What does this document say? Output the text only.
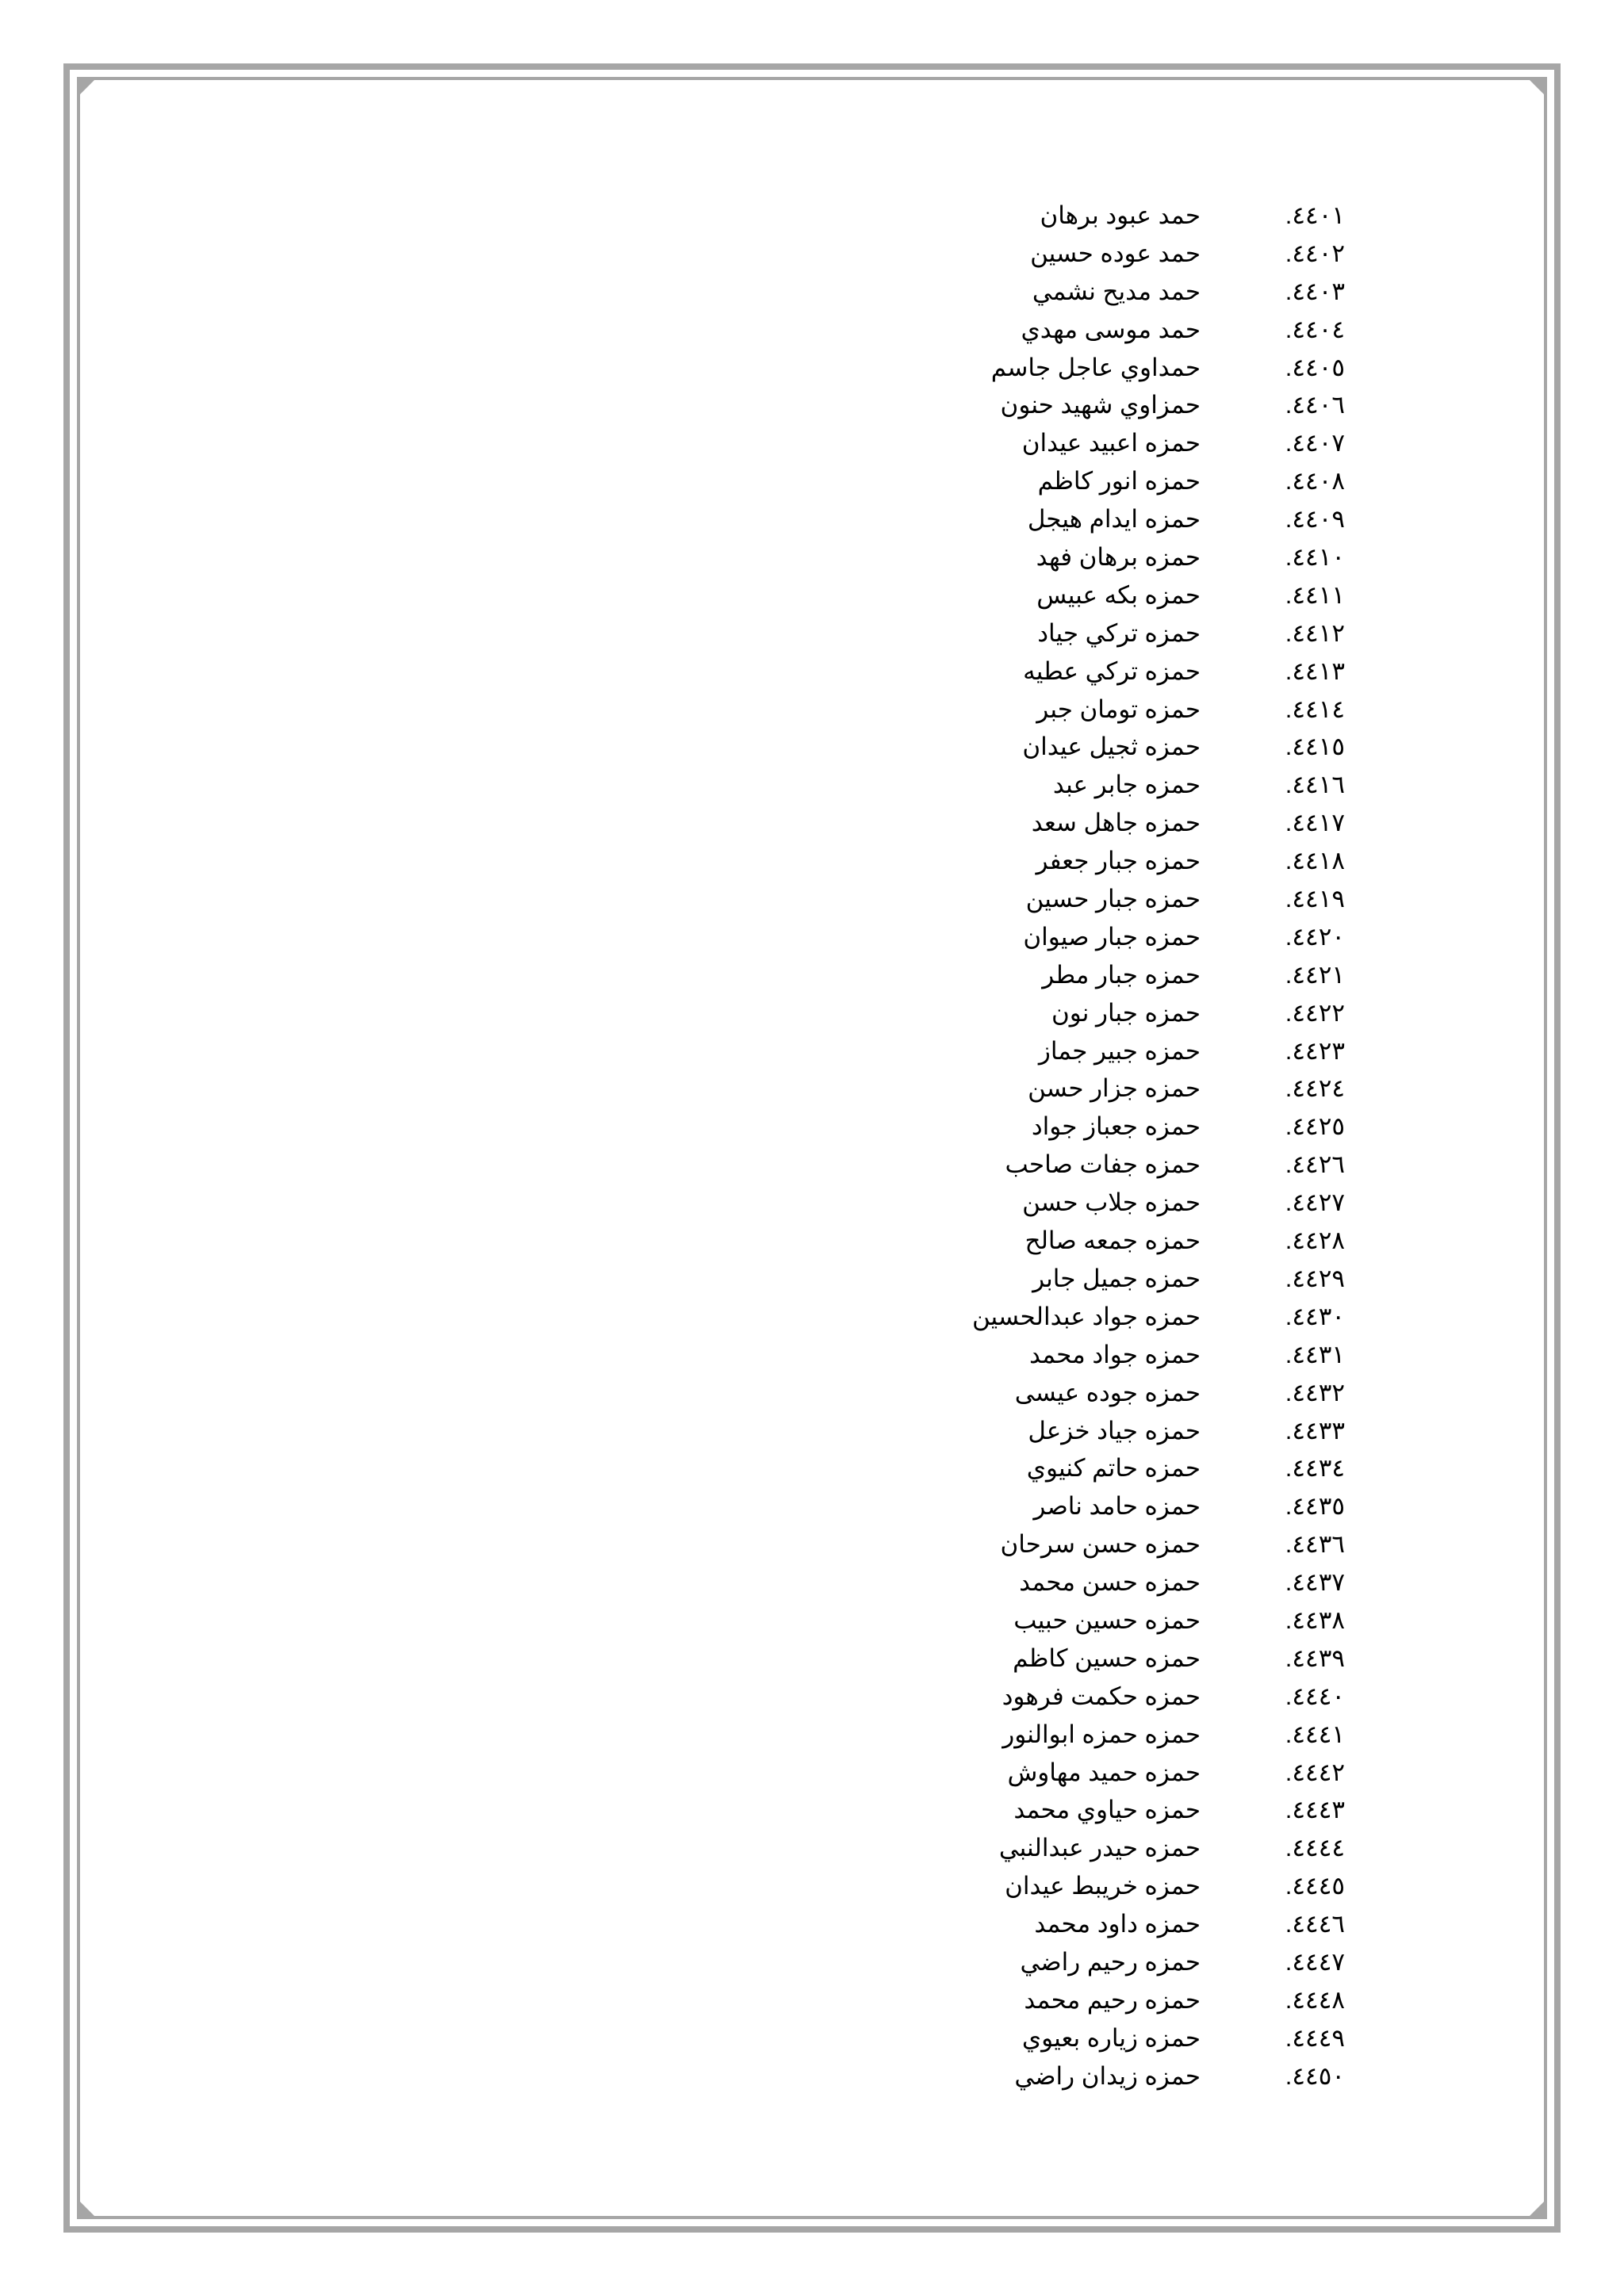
٤٤٠١.حمد عبود برهان
٤٤٠٢.حمد عوده حسين
٤٤٠٣.حمد مديح نشمي
٤٤٠٤.حمد موسى مهدي
٤٤٠٥.حمداوي عاجل جاسم
٤٤٠٦.حمزاوي شهيد حنون
٤٤٠٧.حمزه اعبيد عيدان
٤٤٠٨.حمزه انور كاظم
٤٤٠٩.حمزه ايدام هيجل
٤٤١٠.حمزه برهان فهد
٤٤١١.حمزه بكه عبيس
٤٤١٢.حمزه تركي جياد
٤٤١٣.حمزه تركي عطيه
٤٤١٤.حمزه تومان جبر
٤٤١٥.حمزه ثجيل عيدان
٤٤١٦.حمزه جابر عبد
٤٤١٧.حمزه جاهل سعد
٤٤١٨.حمزه جبار جعفر
٤٤١٩.حمزه جبار حسين
٤٤٢٠.حمزه جبار صيوان
٤٤٢١.حمزه جبار مطر
٤٤٢٢.حمزه جبار نون
٤٤٢٣.حمزه جبير جماز
٤٤٢٤.حمزه جزار حسن
٤٤٢٥.حمزه جعباز جواد
٤٤٢٦.حمزه جفات صاحب
٤٤٢٧.حمزه جلاب حسن
٤٤٢٨.حمزه جمعه صالح
٤٤٢٩.حمزه جميل جابر
٤٤٣٠.حمزه جواد عبدالحسين
٤٤٣١.حمزه جواد محمد
٤٤٣٢.حمزه جوده عيسى
٤٤٣٣.حمزه جياد خزعل
٤٤٣٤.حمزه حاتم كنيوي
٤٤٣٥.حمزه حامد ناصر
٤٤٣٦.حمزه حسن سرحان
٤٤٣٧.حمزه حسن محمد
٤٤٣٨.حمزه حسين حبيب
٤٤٣٩.حمزه حسين كاظم
٤٤٤٠.حمزه حكمت فرهود
٤٤٤١.حمزه حمزه ابوالنور
٤٤٤٢.حمزه حميد مهاوش
٤٤٤٣.حمزه حياوي محمد
٤٤٤٤.حمزه حيدر عبدالنبي
٤٤٤٥.حمزه خريبط عيدان
٤٤٤٦.حمزه داود محمد
٤٤٤٧.حمزه رحيم راضي
٤٤٤٨.حمزه رحيم محمد
٤٤٤٩.حمزه زياره بعيوي
٤٤٥٠.حمزه زيدان راضي
